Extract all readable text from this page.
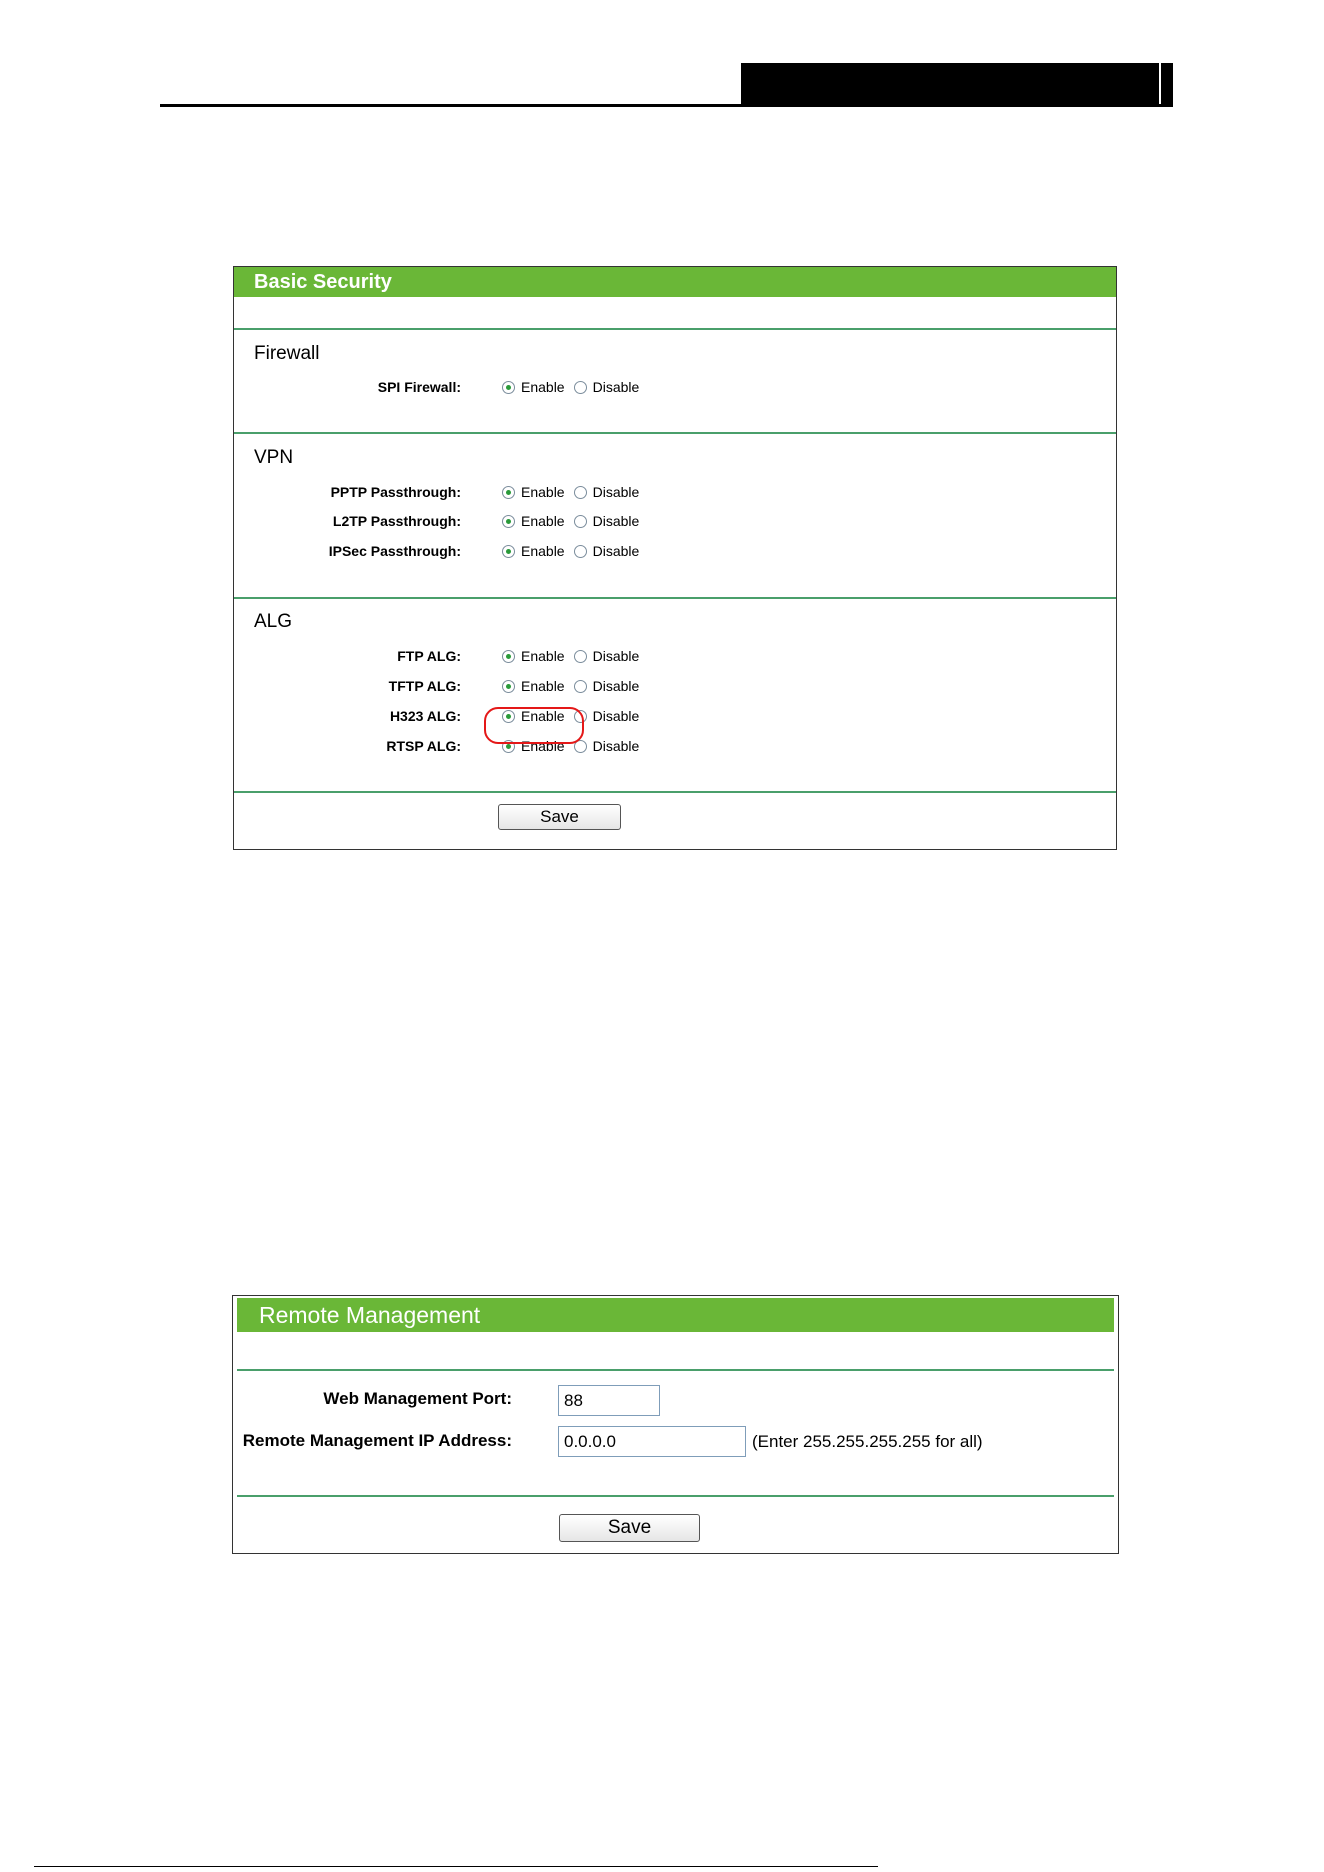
Basic Security
Firewall
SPI Firewall:	Enable Disable
VPN
PPTP Passthrough:	Enable Disable
L2TP Passthrough:	Enable Disable
IPSec Passthrough:	Enable Disable
ALG
FTP ALG:	Enable Disable
TFTP ALG:	Enable Disable
H323 ALG:	Enable Disable
RTSP ALG:	Enable Disable
Save
Remote Management
Web Management Port:
88
Remote Management IP Address:
0.0.0.0	(Enter 255.255.255.255 for all)
Save
